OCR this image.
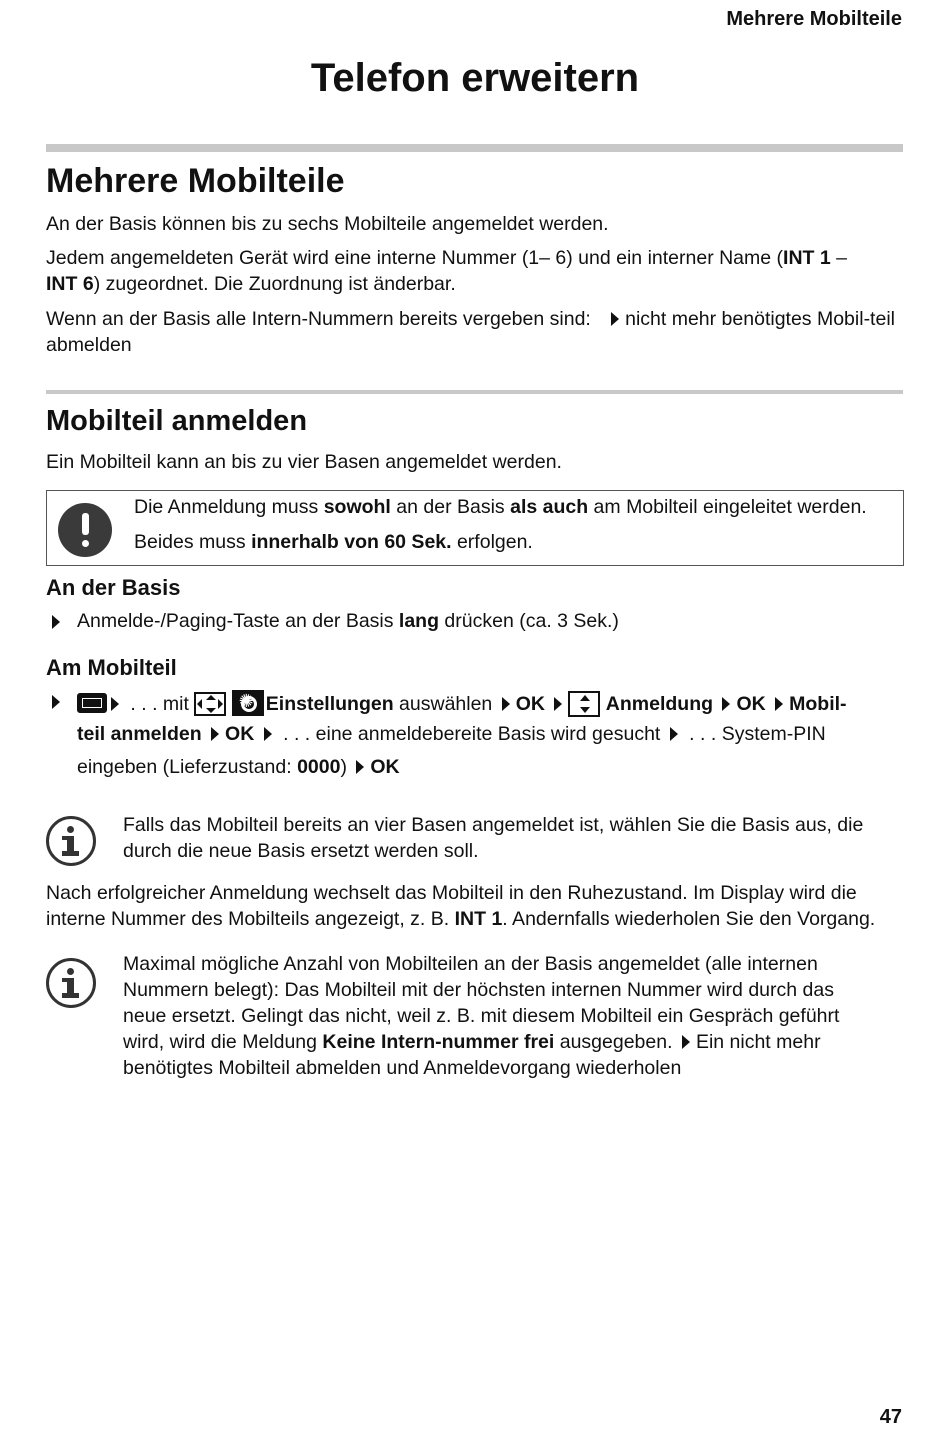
Mehrere Mobilteile
Telefon erweitern
Mehrere Mobilteile
An der Basis können bis zu sechs Mobilteile angemeldet werden.
Jedem angemeldeten Gerät wird eine interne Nummer (1– 6) und ein interner Name (INT 1 –
INT 6) zugeordnet. Die Zuordnung ist änderbar.
Wenn an der Basis alle Intern-Nummern bereits vergeben sind: nicht mehr benötigtes Mobil-teil abmelden
Mobilteil anmelden
Ein Mobilteil kann an bis zu vier Basen angemeldet werden.
Die Anmeldung muss sowohl an der Basis als auch am Mobilteil eingeleitet werden.
Beides muss innerhalb von 60 Sek. erfolgen.
An der Basis
Anmelde-/Paging-Taste an der Basis lang drücken (ca. 3 Sek.)
Am Mobilteil
. . . mit
✺	Einstellungen auswählen OK	Anmeldung OK Mobil-
teil anmelden OK  . . . eine anmeldebereite Basis wird gesucht  . . . System-PIN
eingeben (Lieferzustand: 0000) OK
Falls das Mobilteil bereits an vier Basen angemeldet ist, wählen Sie die Basis aus, die
durch die neue Basis ersetzt werden soll.
Nach erfolgreicher Anmeldung wechselt das Mobilteil in den Ruhezustand. Im Display wird die
interne Nummer des Mobilteils angezeigt, z. B. INT 1. Andernfalls wiederholen Sie den Vorgang.
Maximal mögliche Anzahl von Mobilteilen an der Basis angemeldet (alle internen
Nummern belegt): Das Mobilteil mit der höchsten internen Nummer wird durch das
neue ersetzt. Gelingt das nicht, weil z. B. mit diesem Mobilteil ein Gespräch geführt
wird, wird die Meldung Keine Intern-nummer frei ausgegeben. Ein nicht mehr
benötigtes Mobilteil abmelden und Anmeldevorgang wiederholen
47
